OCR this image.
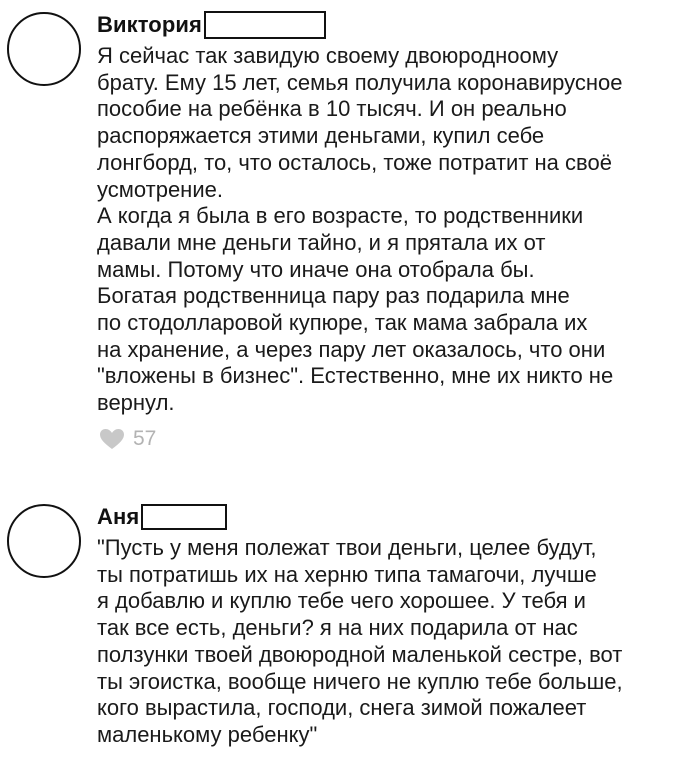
Виктория
Я сейчас так завидую своему двоюродноому
брату. Ему 15 лет, семья получила коронавирусное
пособие на ребёнка в 10 тысяч. И он реально
распоряжается этими деньгами, купил себе
лонгборд, то, что осталось, тоже потратит на своё
усмотрение.
А когда я была в его возрасте, то родственники
давали мне деньги тайно, и я прятала их от
мамы. Потому что иначе она отобрала бы.
Богатая родственница пару раз подарила мне
по стодолларовой купюре, так мама забрала их
на хранение, а через пару лет оказалось, что они
"вложены в бизнес". Естественно, мне их никто не
вернул.
57
Аня
"Пусть у меня полежат твои деньги, целее будут,
ты потратишь их на херню типа тамагочи, лучше
я добавлю и куплю тебе чего хорошее. У тебя и
так все есть, деньги? я на них подарила от нас
ползунки твоей двоюродной маленькой сестре, вот
ты эгоистка, вообще ничего не куплю тебе больше,
кого вырастила, господи, снега зимой пожалеет
маленькому ребенку"
